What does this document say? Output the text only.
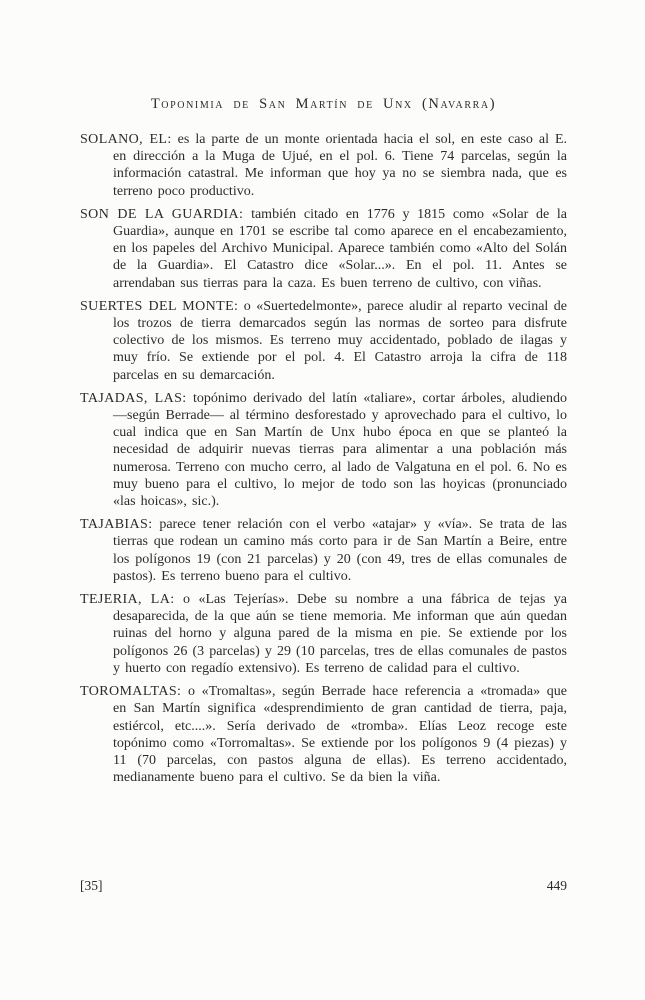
Toponimia de San Martín de Unx (Navarra)

SOLANO, EL: es la parte de un monte orientada hacia el sol, en este caso al E. en dirección a la Muga de Ujué, en el pol. 6. Tiene 74 parcelas, según la información catastral. Me informan que hoy ya no se siembra nada, que es terreno poco productivo.

SON DE LA GUARDIA: también citado en 1776 y 1815 como «Solar de la Guardia», aunque en 1701 se escribe tal como aparece en el encabezamiento, en los papeles del Archivo Municipal. Aparece también como «Alto del Solán de la Guardia». El Catastro dice «Solar...». En el pol. 11. Antes se arrendaban sus tierras para la caza. Es buen terreno de cultivo, con viñas.

SUERTES DEL MONTE: o «Suertedelmonte», parece aludir al reparto vecinal de los trozos de tierra demarcados según las normas de sorteo para disfrute colectivo de los mismos. Es terreno muy accidentado, poblado de ilagas y muy frío. Se extiende por el pol. 4. El Catastro arroja la cifra de 118 parcelas en su demarcación.

TAJADAS, LAS: topónimo derivado del latín «taliare», cortar árboles, aludiendo —según Berrade— al término desforestado y aprovechado para el cultivo, lo cual indica que en San Martín de Unx hubo época en que se planteó la necesidad de adquirir nuevas tierras para alimentar a una población más numerosa. Terreno con mucho cerro, al lado de Valgatuna en el pol. 6. No es muy bueno para el cultivo, lo mejor de todo son las hoyicas (pronunciado «las hoicas», sic.).

TAJABIAS: parece tener relación con el verbo «atajar» y «vía». Se trata de las tierras que rodean un camino más corto para ir de San Martín a Beire, entre los polígonos 19 (con 21 parcelas) y 20 (con 49, tres de ellas comunales de pastos). Es terreno bueno para el cultivo.

TEJERIA, LA: o «Las Tejerías». Debe su nombre a una fábrica de tejas ya desaparecida, de la que aún se tiene memoria. Me informan que aún quedan ruinas del horno y alguna pared de la misma en pie. Se extiende por los polígonos 26 (3 parcelas) y 29 (10 parcelas, tres de ellas comunales de pastos y huerto con regadío extensivo). Es terreno de calidad para el cultivo.

TOROMALTAS: o «Tromaltas», según Berrade hace referencia a «tromada» que en San Martín significa «desprendimiento de gran cantidad de tierra, paja, estiércol, etc....». Sería derivado de «tromba». Elías Leoz recoge este topónimo como «Torromaltas». Se extiende por los polígonos 9 (4 piezas) y 11 (70 parcelas, con pastos alguna de ellas). Es terreno accidentado, medianamente bueno para el cultivo. Se da bien la viña.

[35]	449
